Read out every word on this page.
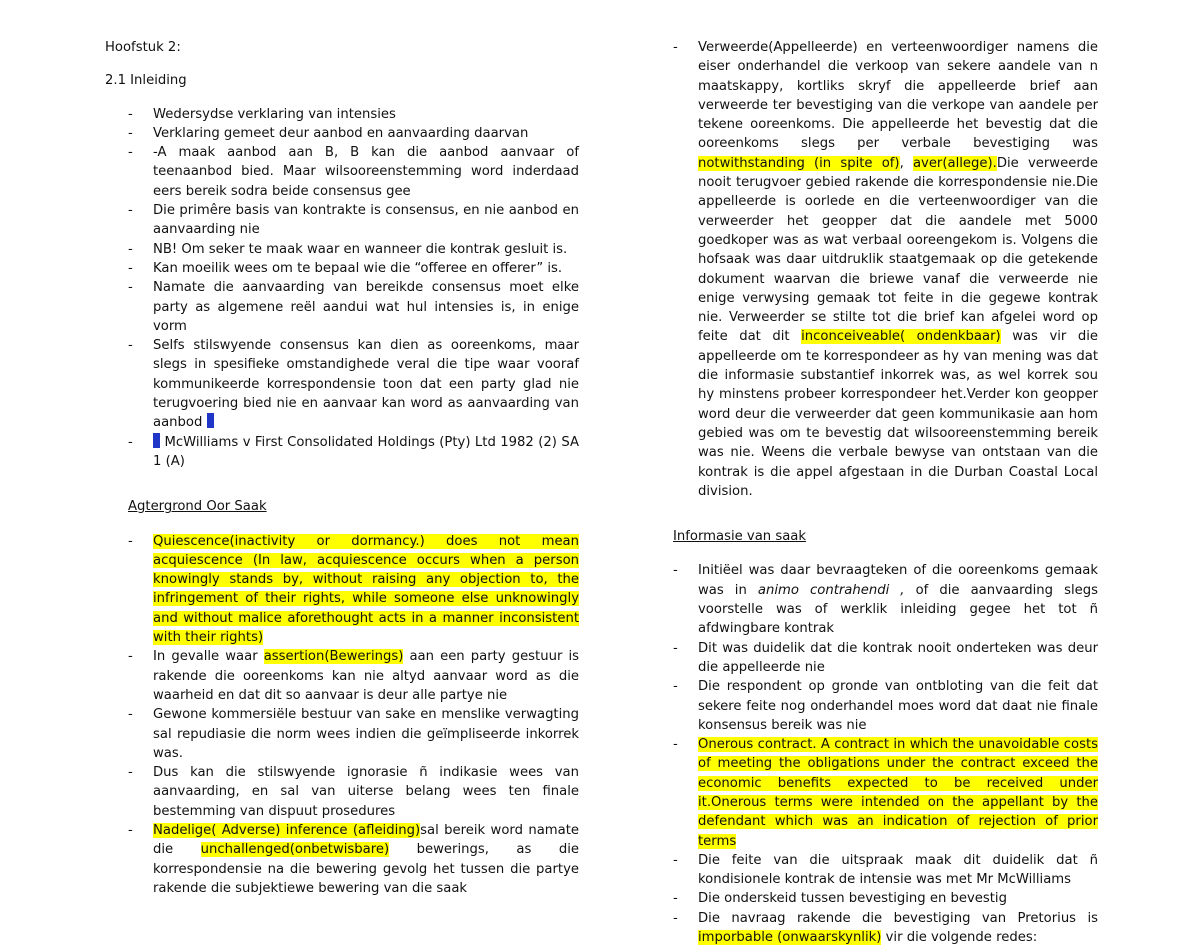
Hoofstuk 2:
2.1 Inleiding
- Wedersydse verklaring van intensies
- Verklaring gemeet deur aanbod en aanvaarding daarvan
- -A maak aanbod aan B, B kan die aanbod aanvaar of teenaanbod bied. Maar wilsooreenstemming word inderdaad eers bereik sodra beide consensus gee
- Die primêre basis van kontrakte is consensus, en nie aanbod en aanvaarding nie
- NB! Om seker te maak waar en wanneer die kontrak gesluit is.
- Kan moeilik wees om te bepaal wie die “offeree en offerer” is.
- Namate die aanvaarding van bereikde consensus moet elke party as algemene reël aandui wat hul intensies is, in enige vorm
- Selfs stilswyende consensus kan dien as ooreenkoms, maar slegs in spesifieke omstandighede veral die tipe waar vooraf kommunikeerde korrespondensie toon dat een party glad nie terugvoering bied nie en aanvaar kan word as aanvaarding van aanbod
- McWilliams v First Consolidated Holdings (Pty) Ltd 1982 (2) SA 1 (A)
Agtergrond Oor Saak
- Quiescence(inactivity or dormancy.) does not mean acquiescence (In law, acquiescence occurs when a person knowingly stands by, without raising any objection to, the infringement of their rights, while someone else unknowingly and without malice aforethought acts in a manner inconsistent with their rights)
- In gevalle waar assertion(Bewerings) aan een party gestuur is rakende die ooreenkoms kan nie altyd aanvaar word as die waarheid en dat dit so aanvaar is deur alle partye nie
- Gewone kommersiële bestuur van sake en menslike verwagting sal repudiasie die norm wees indien die geïmpliseerde inkorrek was.
- Dus kan die stilswyende ignorasie ñ indikasie wees van aanvaarding, en sal van uiterse belang wees ten finale bestemming van dispuut prosedures
- Nadelige( Adverse) inference (afleiding)sal bereik word namate die unchallenged(onbetwisbare) bewerings, as die korrespondensie na die bewering gevolg het tussen die partye rakende die subjektiewe bewering van die saak
- Verweerde(Appelleerde) en verteenwoordiger namens die eiser onderhandel die verkoop van sekere aandele van n maatskappy, kortliks skryf die appelleerde brief aan verweerde ter bevestiging van die verkope van aandele per tekene ooreenkoms. Die appelleerde het bevestig dat die ooreenkoms slegs per verbale bevestiging was notwithstanding (in spite of), aver(allege).Die verweerde nooit terugvoer gebied rakende die korrespondensie nie.Die appelleerde is oorlede en die verteenwoordiger van die verweerder het geopper dat die aandele met 5000 goedkoper was as wat verbaal ooreengekom is. Volgens die hofsaak was daar uitdruklik staatgemaak op die getekende dokument waarvan die briewe vanaf die verweerde nie enige verwysing gemaak tot feite in die gegewe kontrak nie. Verweerder se stilte tot die brief kan afgelei word op feite dat dit inconceiveable( ondenkbaar) was vir die appelleerde om te korrespondeer as hy van mening was dat die informasie substantief inkorrek was, as wel korrek sou hy minstens probeer korrespondeer het.Verder kon geopper word deur die verweerder dat geen kommunikasie aan hom gebied was om te bevestig dat wilsooreenstemming bereik was nie. Weens die verbale bewyse van ontstaan van die kontrak is die appel afgestaan in die Durban Coastal Local division.
Informasie van saak
- Initiëel was daar bevraagteken of die ooreenkoms gemaak was in animo contrahendi , of die aanvaarding slegs voorstelle was of werklik inleiding gegee het tot ñ afdwingbare kontrak
- Dit was duidelik dat die kontrak nooit onderteken was deur die appelleerde nie
- Die respondent op gronde van ontbloting van die feit dat sekere feite nog onderhandel moes word dat daat nie finale konsensus bereik was nie
- Onerous contract. A contract in which the unavoidable costs of meeting the obligations under the contract exceed the economic benefits expected to be received under it.Onerous terms were intended on the appellant by the defendant which was an indication of rejection of prior terms
- Die feite van die uitspraak maak dit duidelik dat ñ kondisionele kontrak de intensie was met Mr McWilliams
- Die onderskeid tussen bevestiging en bevestig
- Die navraag rakende die bevestiging van Pretorius is imporbable (onwaarskynlik) vir die volgende redes:
